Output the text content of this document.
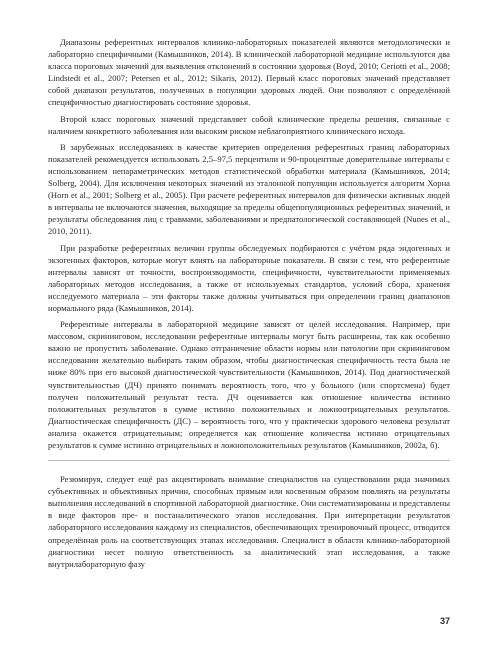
Диапазоны референтных интервалов клинико-лабораторных показателей являются методологически и лабораторно специфичными (Камышников, 2014). В клинической лабораторной медицине используются два класса пороговых значений для выявления отклонений в состоянии здоровья (Boyd, 2010; Ceriotti et al., 2008; Lindstedt et al., 2007; Petersen et al., 2012; Sikaris, 2012). Первый класс пороговых значений представляет собой диапазон результатов, полученных в популяции здоровых людей. Они позволяют с определённой специфичностью диагностировать состояние здоровья.

Второй класс пороговых значений представляет собой клинические пределы решения, связанные с наличием конкретного заболевания или высоким риском неблагоприятного клинического исхода.

В зарубежных исследованиях в качестве критериев определения референтных границ лабораторных показателей рекомендуется использовать 2,5–97,5 перцентили и 90-процентные доверительные интервалы с использованием непараметрических методов статистической обработки материала (Камышников, 2014; Solberg, 2004). Для исключения некоторых значений из эталонной популяции используется алгоритм Хорна (Horn et al., 2001; Solberg et al., 2005). При расчете референтных интервалов для физически активных людей в интервалы не включаются значения, выходящие за пределы общепопуляционных референтных значений, и результаты обследования лиц с травмами, заболеваниями и предпатологической составляющей (Nunes et al., 2010, 2011).

При разработке референтных величин группы обследуемых подбираются с учётом ряда эндогенных и экзогенных факторов, которые могут влиять на лабораторные показатели. В связи с тем, что референтные интервалы зависят от точности, воспроизводимости, специфичности, чувствительности применяемых лабораторных методов исследования, а также от используемых стандартов, условий сбора, хранения исследуемого материала – эти факторы также должны учитываться при определении границ диапазонов нормального ряда (Камышников, 2014).

Референтные интервалы в лабораторной медицине зависят от целей исследования. Например, при массовом, скрининговом, исследовании референтные интервалы могут быть расширены, так как особенно важно не пропустить заболевание. Однако отграничение области нормы или патологии при скрининговом исследовании желательно выбирать таким образом, чтобы диагностическая специфичность теста была не ниже 80% при его высокой диагностической чувствительности (Камышников, 2014). Под диагностической чувствительностью (ДЧ) принято понимать вероятность того, что у больного (или спортсмена) будет получен положительный результат теста. ДЧ оценивается как отношение количества истинно положительных результатов в сумме истинно положительных и ложноотрицательных результатов. Диагностическая специфичность (ДС) – вероятность того, что у практически здорового человека результат анализа окажется отрицательным; определяется как отношение количества истинно отрицательных результатов к сумме истинно отрицательных и ложноположительных результатов (Камышников, 2002а, б).

Резюмируя, следует ещё раз акцентировать внимание специалистов на существовании ряда значимых субъективных и объективных причин, способных прямым или косвенным образом повлиять на результаты выполнения исследований в спортивной лабораторной диагностике. Они систематизированы и представлены в виде факторов пре- и постаналитического этапов исследования. При интерпретации результатов лабораторного исследования каждому из специалистов, обеспечивающих тренировочный процесс, отводится определённая роль на соответствующих этапах исследования. Специалист в области клинико-лабораторной диагностики несет полную ответственность за аналитический этап исследования, а также внутрилабораторную фазу

37
